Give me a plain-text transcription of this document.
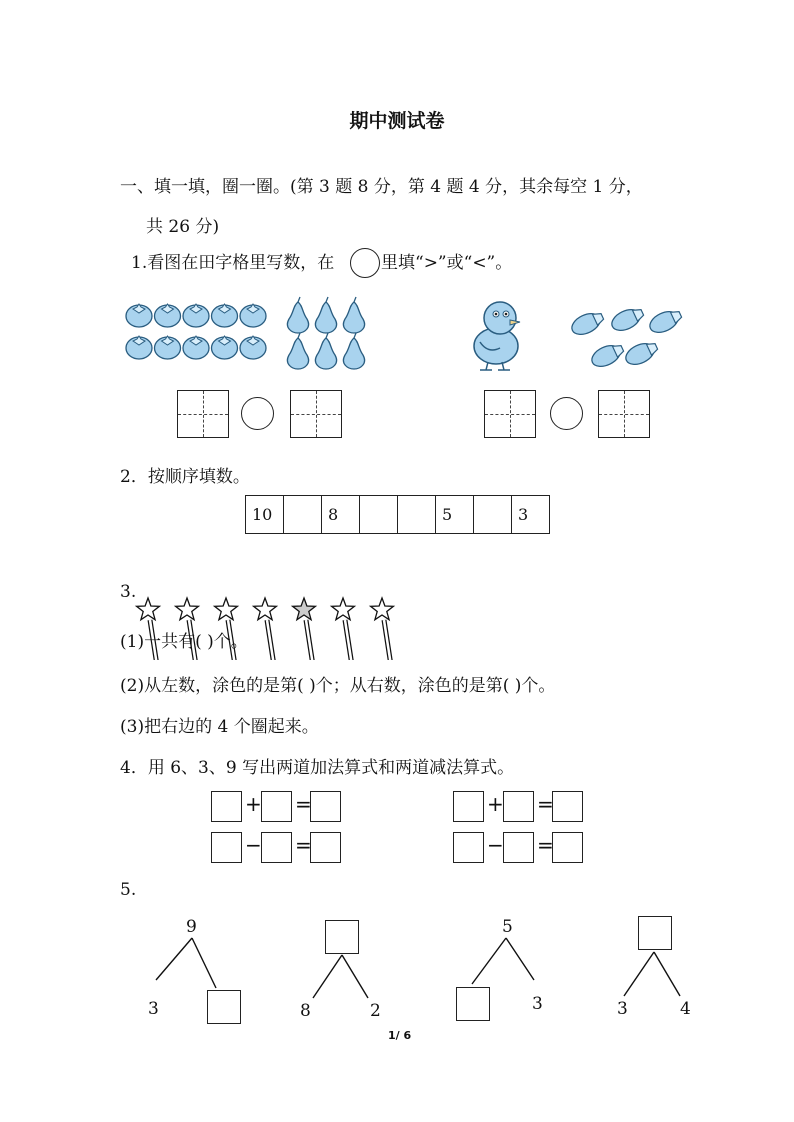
期中测试卷
一、填一填，圈一圈。(第 3 题 8 分，第 4 题 4 分，其余每空 1 分，
共 26 分)
1.看图在田字格里写数，在	里填“>”或“<”。
2．按顺序填数。
10		8			5		3
3.
(1)一共有( )个。
(2)从左数，涂色的是第( )个；从右数，涂色的是第( )个。
(3)把右边的 4 个圈起来。
4．用 6、3、9 写出两道加法算式和两道减法算式。
+ =
− =
+ =
− =
5.
9
3	8	2
5
3	3	4
1/ 6
